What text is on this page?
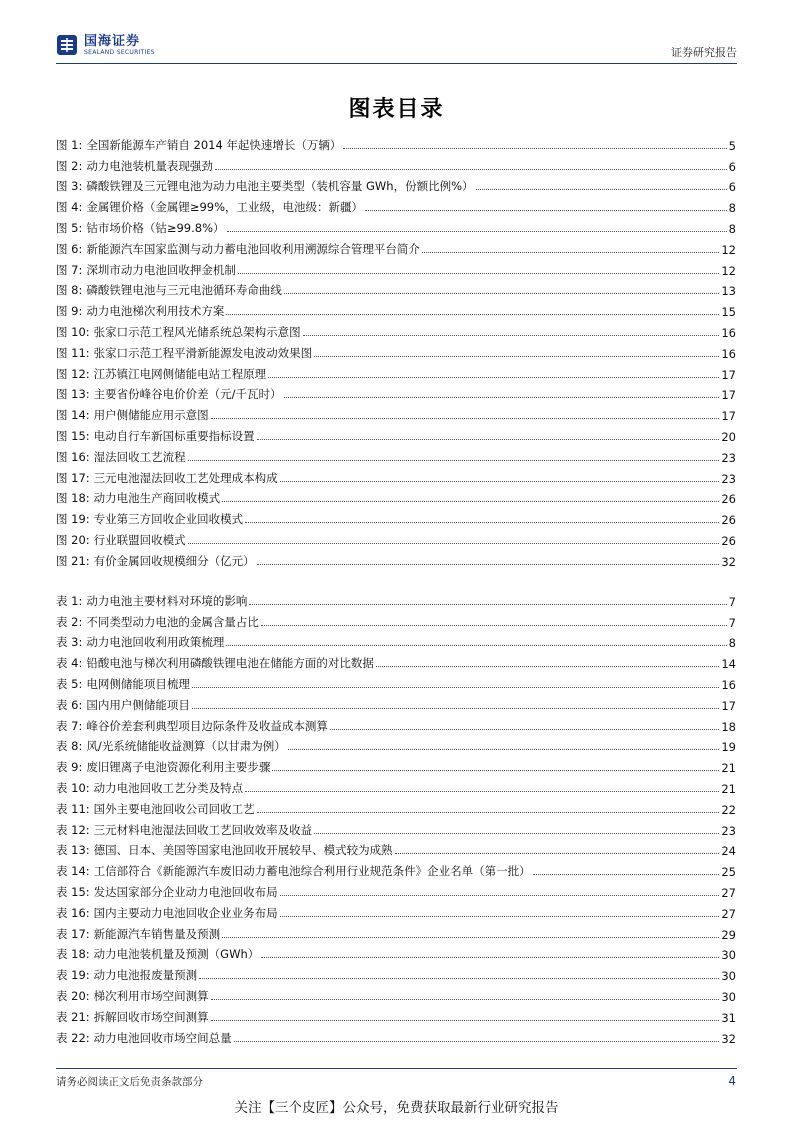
国海证券
SEALAND SECURITIES	证券研究报告
图表目录
图 1: 全国新能源车产销自 2014 年起快速增长（万辆）	5
图 2: 动力电池装机量表现强劲	6
图 3: 磷酸铁锂及三元锂电池为动力电池主要类型（装机容量 GWh，份额比例%）	6
图 4: 金属锂价格（金属锂≥99%，工业级，电池级：新疆）	8
图 5: 钴市场价格（钴≥99.8%）	8
图 6: 新能源汽车国家监测与动力蓄电池回收利用溯源综合管理平台简介	12
图 7: 深圳市动力电池回收押金机制	12
图 8: 磷酸铁锂电池与三元电池循环寿命曲线	13
图 9: 动力电池梯次利用技术方案	15
图 10: 张家口示范工程风光储系统总架构示意图	16
图 11: 张家口示范工程平滑新能源发电波动效果图	16
图 12: 江苏镇江电网侧储能电站工程原理	17
图 13: 主要省份峰谷电价价差（元/千瓦时）	17
图 14: 用户侧储能应用示意图	17
图 15: 电动自行车新国标重要指标设置	20
图 16: 湿法回收工艺流程	23
图 17: 三元电池湿法回收工艺处理成本构成	23
图 18: 动力电池生产商回收模式	26
图 19: 专业第三方回收企业回收模式	26
图 20: 行业联盟回收模式	26
图 21: 有价金属回收规模细分（亿元）	32
表 1: 动力电池主要材料对环境的影响	7
表 2: 不同类型动力电池的金属含量占比	7
表 3: 动力电池回收利用政策梳理	8
表 4: 铅酸电池与梯次利用磷酸铁锂电池在储能方面的对比数据	14
表 5: 电网侧储能项目梳理	16
表 6: 国内用户侧储能项目	17
表 7: 峰谷价差套利典型项目边际条件及收益成本测算	18
表 8: 风/光系统储能收益测算（以甘肃为例）	19
表 9: 废旧锂离子电池资源化利用主要步骤	21
表 10: 动力电池回收工艺分类及特点	21
表 11: 国外主要电池回收公司回收工艺	22
表 12: 三元材料电池湿法回收工艺回收效率及收益	23
表 13: 德国、日本、美国等国家电池回收开展较早、模式较为成熟	24
表 14: 工信部符合《新能源汽车废旧动力蓄电池综合利用行业规范条件》企业名单（第一批）	25
表 15: 发达国家部分企业动力电池回收布局	27
表 16: 国内主要动力电池回收企业业务布局	27
表 17: 新能源汽车销售量及预测	29
表 18: 动力电池装机量及预测（GWh）	30
表 19: 动力电池报废量预测	30
表 20: 梯次利用市场空间测算	30
表 21: 拆解回收市场空间测算	31
表 22: 动力电池回收市场空间总量	32
请务必阅读正文后免责条款部分	4
关注【三个皮匠】公众号，免费获取最新行业研究报告
